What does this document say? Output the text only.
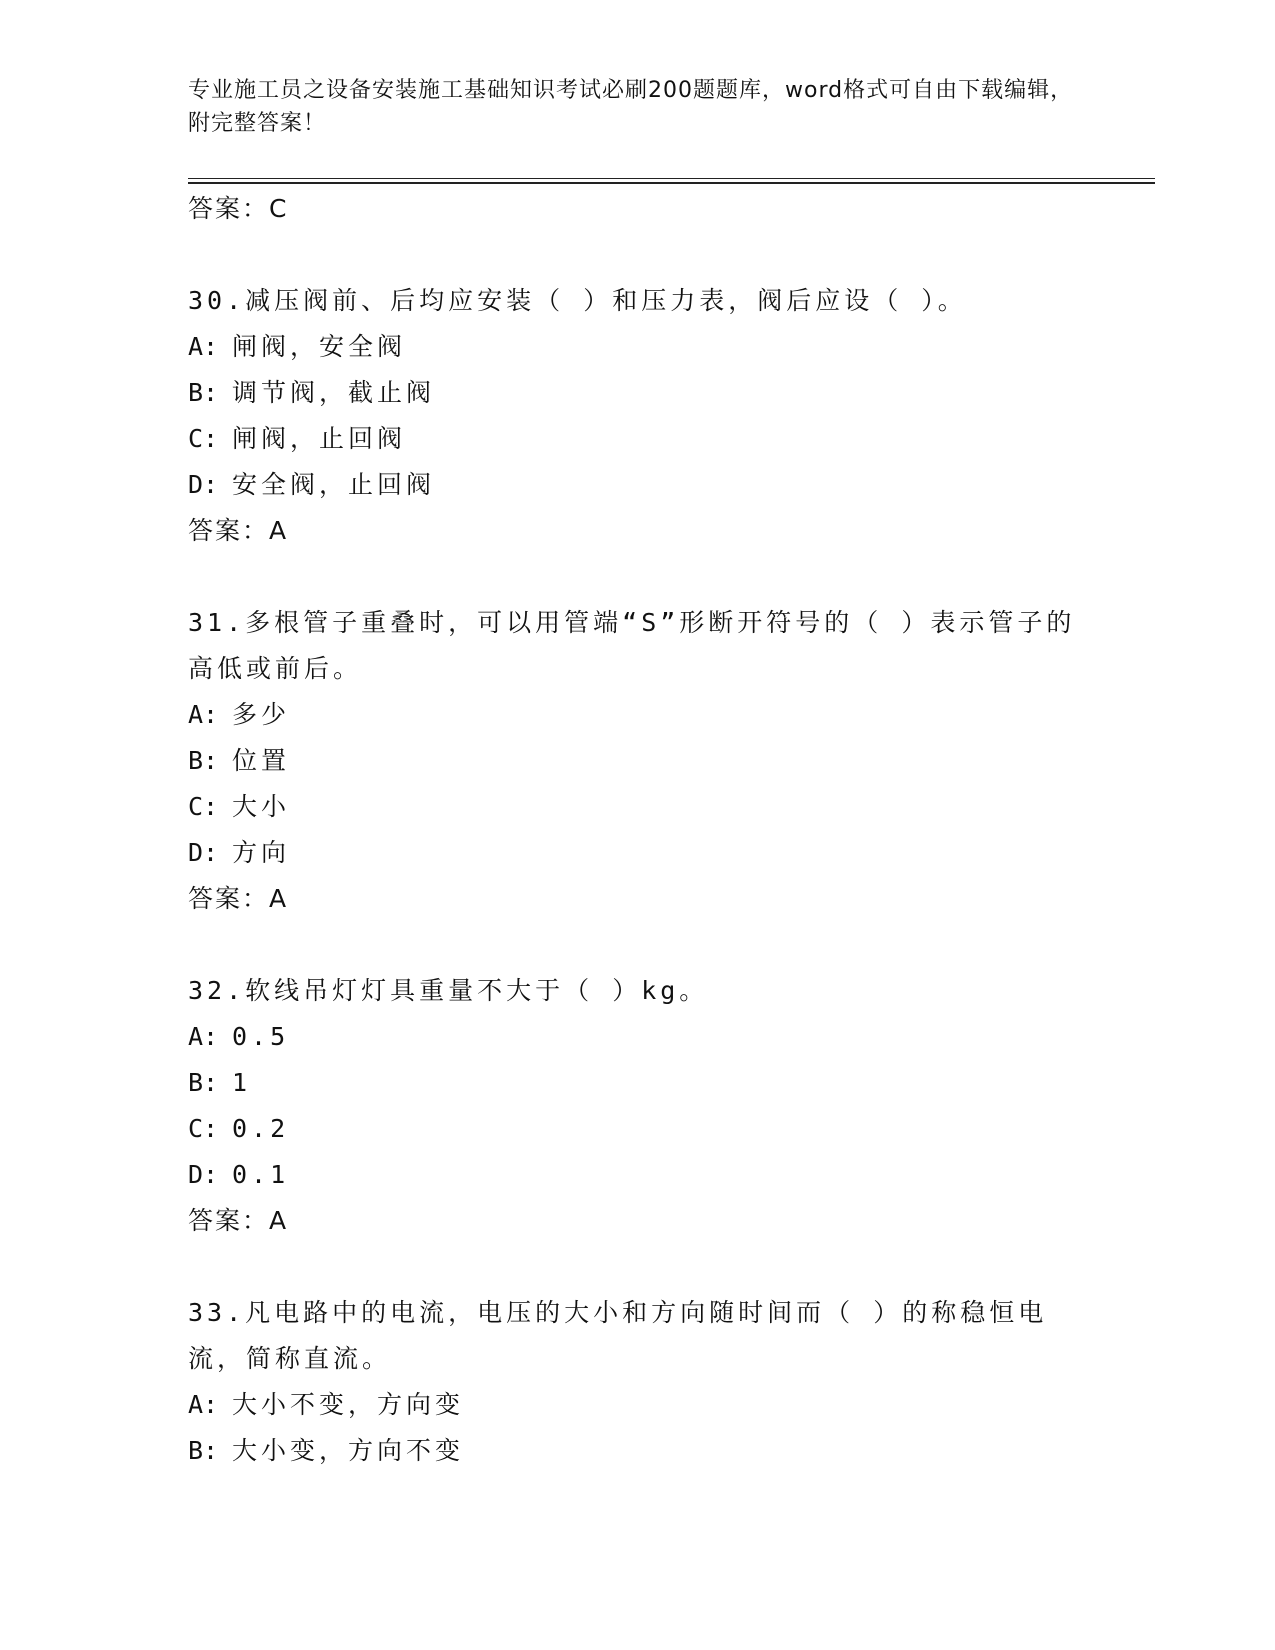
专业施工员之设备安装施工基础知识考试必刷200题题库，word格式可自由下载编辑，附完整答案！
答案：C
30.减压阀前、后均应安装（ ）和压力表，阀后应设（ ）。
A: 闸阀，安全阀
B: 调节阀，截止阀
C: 闸阀，止回阀
D: 安全阀，止回阀
答案：A
31.多根管子重叠时，可以用管端“S”形断开符号的（ ）表示管子的高低或前后。
A: 多少
B: 位置
C: 大小
D: 方向
答案：A
32.软线吊灯灯具重量不大于（ ）kg。
A: 0.5
B: 1
C: 0.2
D: 0.1
答案：A
33.凡电路中的电流，电压的大小和方向随时间而（ ）的称稳恒电流，简称直流。
A: 大小不变，方向变
B: 大小变，方向不变
